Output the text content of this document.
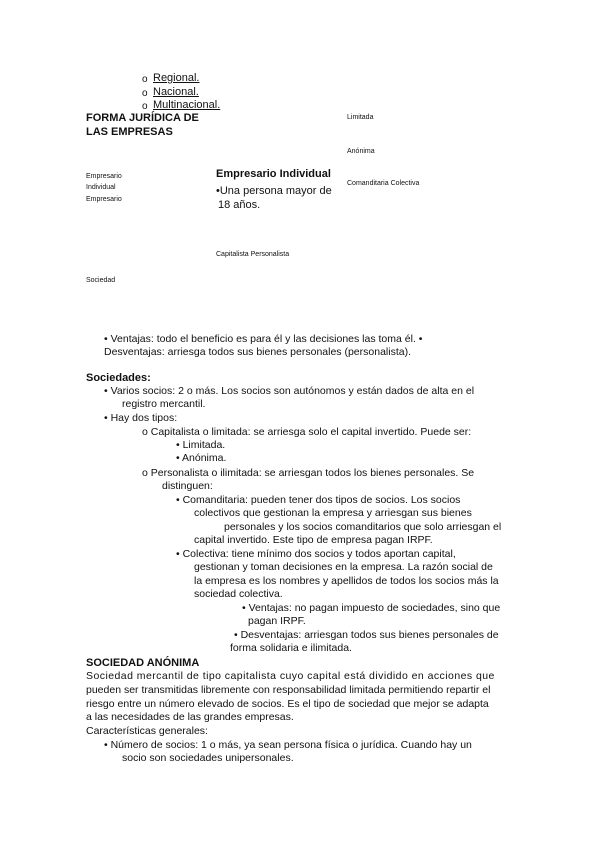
o Regional.
o Nacional.
o Multinacional.
FORMA JURÍDICA DE
LAS EMPRESAS
Limitada
Anónima
Comanditaria Colectiva
Empresario
Individual
Empresario
Empresario Individual
•Una persona mayor de
18 años.
Capitalista Personalista
Sociedad
• Ventajas: todo el beneficio es para él y las decisiones las toma él. •
Desventajas: arriesga todos sus bienes personales (personalista).
Sociedades:
• Varios socios: 2 o más. Los socios son autónomos y están dados de alta en el
registro mercantil.
• Hay dos tipos:
o Capitalista o limitada: se arriesga solo el capital invertido. Puede ser:
• Limitada.
• Anónima.
o Personalista o ilimitada: se arriesgan todos los bienes personales. Se
distinguen:
• Comanditaria: pueden tener dos tipos de socios. Los socios
colectivos que gestionan la empresa y arriesgan sus bienes
personales y los socios comanditarios que solo arriesgan el
capital invertido. Este tipo de empresa pagan IRPF.
• Colectiva: tiene mínimo dos socios y todos aportan capital,
gestionan y toman decisiones en la empresa. La razón social de
la empresa es los nombres y apellidos de todos los socios más la
sociedad colectiva.
• Ventajas: no pagan impuesto de sociedades, sino que
pagan IRPF.
• Desventajas: arriesgan todos sus bienes personales de
forma solidaria e ilimitada.
SOCIEDAD ANÓNIMA
Sociedad mercantil de tipo capitalista cuyo capital está dividido en acciones que
pueden ser transmitidas libremente con responsabilidad limitada permitiendo repartir el
riesgo entre un número elevado de socios. Es el tipo de sociedad que mejor se adapta
a las necesidades de las grandes empresas.
Características generales:
• Número de socios: 1 o más, ya sean persona física o jurídica. Cuando hay un
socio son sociedades unipersonales.
